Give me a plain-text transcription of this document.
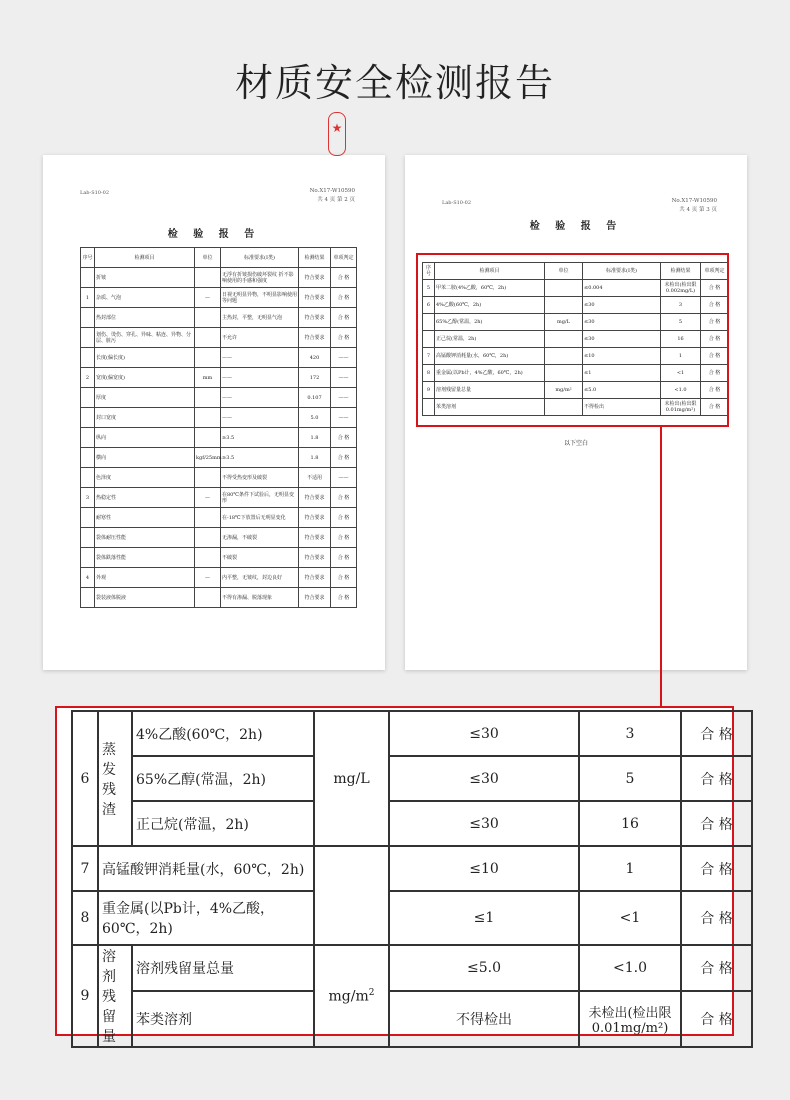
材质安全检测报告
Lab-S10-02	No.X17-W10590
共 4 页 第 2 页
检 验 报 告
序号	检测项目	单位	标准要求(Ⅰ类)	检测结果	单项判定
	折皱		无浮有折皱损伤破坏裂纹 折不影响使用的手感和强度	符合要求	合 格
1	杂质、气泡	—	日视无明显异物，不明显影响使用等问题	符合要求	合 格
	热封部位		主热封，平整，无明显气泡	符合要求	合 格
	划伤、烫伤、穿孔、异味、粘连、异物、分层、脏污		不允许	符合要求	合 格
	长度(偏长度)		——	420	——
2	宽度(偏宽度)	mm	——	172	——
	厚度		——	0.107	——
	封口宽度		——	5.0	——
	纵向		≥3.5	1.8	合 格
	横向	kgf/25mm	≥3.5	1.8	合 格
	色泽度		不得受热变形及破裂	不适用	——
3	热稳定性	—	在80℃条件下试验后，无明显变形	符合要求	合 格
	耐寒性		在-18℃下放置后无明显变化	符合要求	合 格
	袋体耐压性能		无渗漏，不破裂	符合要求	合 格
	袋体跌落性能		不破裂	符合要求	合 格
4	外观	—	内平整，无皱纹，封边良好	符合要求	合 格
	袋装液体脱液		不得有渗漏、脱落现象	符合要求	合 格
★
Lab-S10-02	No.X17-W10590
共 4 页 第 3 页
检 验 报 告
序号	检测项目	单位	标准要求(Ⅰ类)	检测结果	单项判定
5	甲苯二胺(4%乙酸，60℃，2h)		≤0.004	未检出(检出限0.002mg/L)	合 格
6	4%乙酸(60℃，2h)		≤30	3	合 格
	65%乙醇(常温，2h)	mg/L	≤30	5	合 格
	正己烷(常温，2h)		≤30	16	合 格
7	高锰酸钾消耗量(水，60℃，2h)		≤10	1	合 格
8	重金属(以Pb计，4%乙酸，60℃，2h)		≤1	<1	合 格
9	溶剂残留量总量	mg/m²	≤5.0	<1.0	合 格
	苯类溶剂		不得检出	未检出(检出限0.01mg/m²)	合 格
以下空白
6	蒸发残渣	4%乙酸(60℃，2h)	mg/L	≤30	3	合 格
		65%乙醇(常温，2h)		≤30	5	合 格
		正己烷(常温，2h)		≤30	16	合 格
7	高锰酸钾消耗量(水，60℃，2h)			≤10	1	合 格
8	重金属(以Pb计，4%乙酸，60℃，2h)			≤1	<1	合 格
9	溶剂残留量	溶剂残留量总量	$mg/m^2$	≤5.0	<1.0	合 格
		苯类溶剂		不得检出	未检出(检出限0.01mg/m²)	合 格
